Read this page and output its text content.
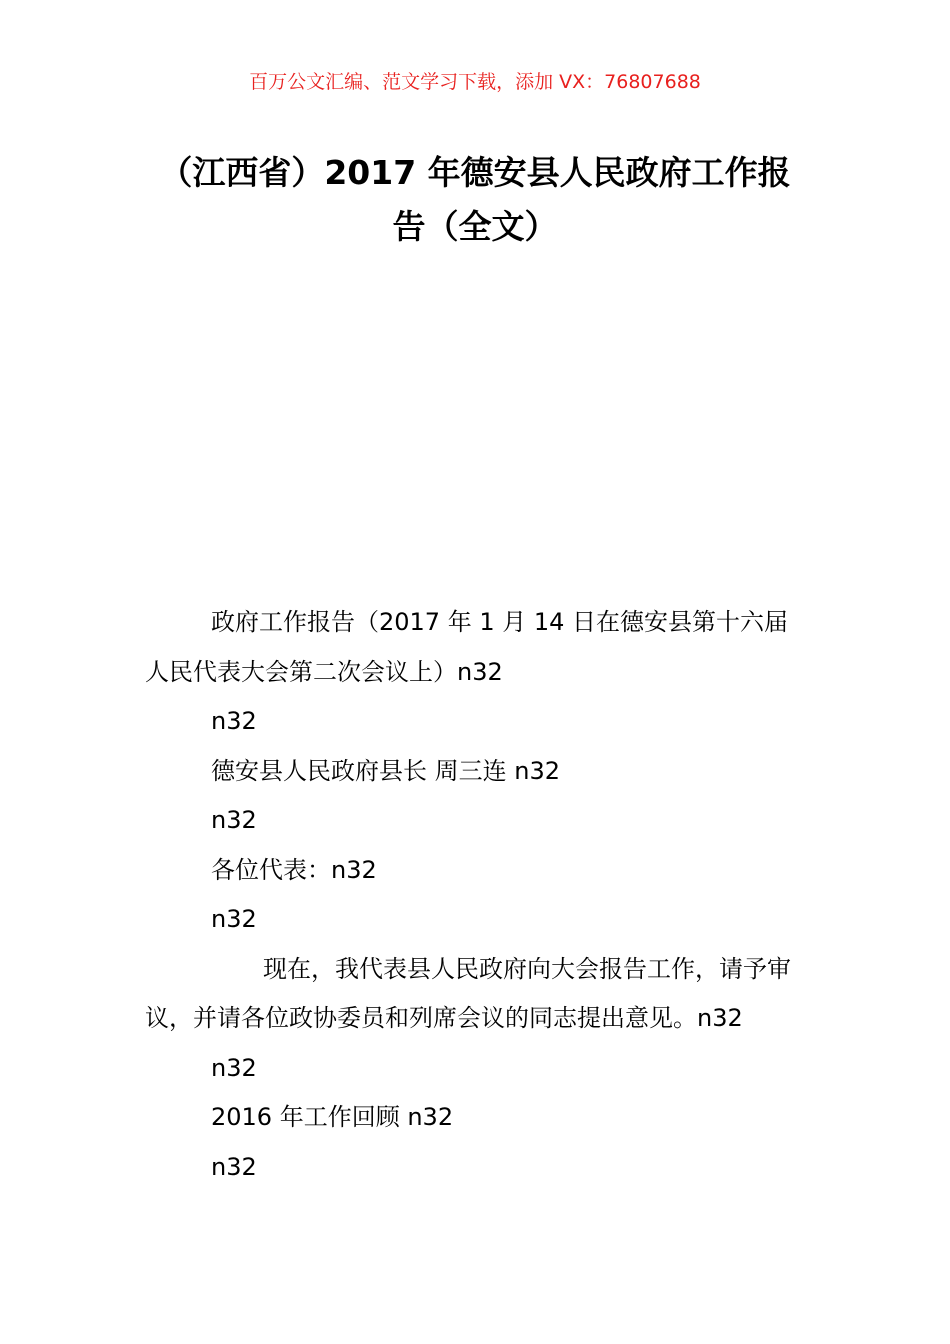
百万公文汇编、范文学习下载，添加 VX：76807688
（江西省）2017 年德安县人民政府工作报
告（全文）

政府工作报告（2017 年 1 月 14 日在德安县第十六届人民代表大会第二次会议上）n32

n32

德安县人民政府县长 周三连 n32

n32

各位代表：n32

n32

现在，我代表县人民政府向大会报告工作，请予审议，并请各位政协委员和列席会议的同志提出意见。n32

n32

2016 年工作回顾 n32

n32
